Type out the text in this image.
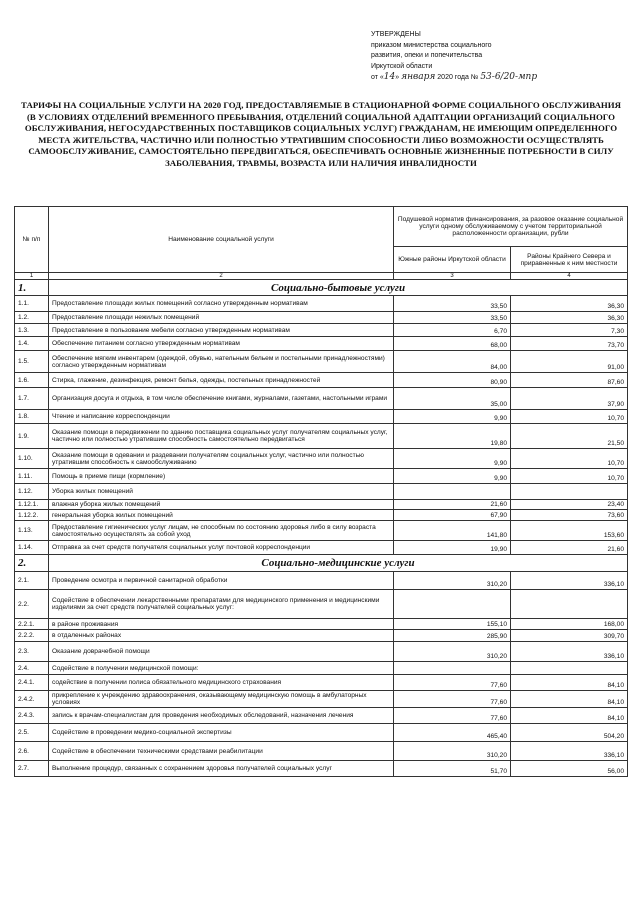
УТВЕРЖДЕНЫ
приказом министерства социального
развития, опеки и попечительства
Иркутской области
от «14» января 2020 года № 53-6/20-мпр
ТАРИФЫ НА СОЦИАЛЬНЫЕ УСЛУГИ НА 2020 ГОД, ПРЕДОСТАВЛЯЕМЫЕ В СТАЦИОНАРНОЙ ФОРМЕ СОЦИАЛЬНОГО ОБСЛУЖИВАНИЯ (В УСЛОВИЯХ ОТДЕЛЕНИЙ ВРЕМЕННОГО ПРЕБЫВАНИЯ, ОТДЕЛЕНИЙ СОЦИАЛЬНОЙ АДАПТАЦИИ ОРГАНИЗАЦИЙ СОЦИАЛЬНОГО ОБСЛУЖИВАНИЯ, НЕГОСУДАРСТВЕННЫХ ПОСТАВЩИКОВ СОЦИАЛЬНЫХ УСЛУГ) ГРАЖДАНАМ, НЕ ИМЕЮЩИМ ОПРЕДЕЛЕННОГО МЕСТА ЖИТЕЛЬСТВА, ЧАСТИЧНО ИЛИ ПОЛНОСТЬЮ УТРАТИВШИМ СПОСОБНОСТИ ЛИБО ВОЗМОЖНОСТИ ОСУЩЕСТВЛЯТЬ САМООБСЛУЖИВАНИЕ, САМОСТОЯТЕЛЬНО ПЕРЕДВИГАТЬСЯ, ОБЕСПЕЧИВАТЬ ОСНОВНЫЕ ЖИЗНЕННЫЕ ПОТРЕБНОСТИ В СИЛУ ЗАБОЛЕВАНИЯ, ТРАВМЫ, ВОЗРАСТА ИЛИ НАЛИЧИЯ ИНВАЛИДНОСТИ
№ п/п	Наименование социальной услуги	Подушевой норматив финансирования, за разовое оказание социальной услуги одному обслуживаемому с учетом территориальной расположенности организации, рубли	
		Южные районы Иркутской области	Районы Крайнего Севера и приравненные к ним местности
1	2	3	4
1.	Социально-бытовые услуги		
1.1.	Предоставление площади жилых помещений согласно утвержденным нормативам	33,50	36,30
1.2.	Предоставление площади нежилых помещений	33,50	36,30
1.3.	Предоставление в пользование мебели согласно утвержденным нормативам	6,70	7,30
1.4.	Обеспечение питанием согласно утвержденным нормативам	68,00	73,70
1.5.	Обеспечение мягким инвентарем (одеждой, обувью, нательным бельем и постельными принадлежностями) согласно утвержденным нормативам	84,00	91,00
1.6.	Стирка, глажение, дезинфекция, ремонт белья, одежды, постельных принадлежностей	80,90	87,60
1.7.	Организация досуга и отдыха, в том числе обеспечение книгами, журналами, газетами, настольными играми	35,00	37,90
1.8.	Чтение и написание корреспонденции	9,90	10,70
1.9.	Оказание помощи в передвижении по зданию поставщика социальных услуг получателям социальных услуг, частично или полностью утратившим способность самостоятельно передвигаться	19,80	21,50
1.10.	Оказание помощи в одевании и раздевании получателям социальных услуг, частично или полностью утратившим способность к самообслуживанию	9,90	10,70
1.11.	Помощь в приеме пищи (кормление)	9,90	10,70
1.12.	Уборка жилых помещений		
1.12.1.	влажная уборка жилых помещений	21,60	23,40
1.12.2.	генеральная уборка жилых помещений	67,90	73,60
1.13.	Предоставление гигиенических услуг лицам, не способным по состоянию здоровья либо в силу возраста самостоятельно осуществлять за собой уход	141,80	153,60
1.14.	Отправка за счет средств получателя социальных услуг почтовой корреспонденции	19,90	21,60
2.	Социально-медицинские услуги		
2.1.	Проведение осмотра и первичной санитарной обработки	310,20	336,10
2.2.	Содействие в обеспечении лекарственными препаратами для медицинского применения и медицинскими изделиями за счет средств получателей социальных услуг:		
2.2.1.	в районе проживания	155,10	168,00
2.2.2.	в отдаленных районах	285,90	309,70
2.3.	Оказание доврачебной помощи	310,20	336,10
2.4.	Содействие в получении медицинской помощи:		
2.4.1.	содействие в получении полиса обязательного медицинского страхования	77,60	84,10
2.4.2.	прикрепление к учреждению здравоохранения, оказывающему медицинскую помощь в амбулаторных условиях	77,60	84,10
2.4.3.	запись к врачам-специалистам для проведения необходимых обследований, назначения лечения	77,60	84,10
2.5.	Содействие в проведении медико-социальной экспертизы	465,40	504,20
2.6.	Содействие в обеспечении техническими средствами реабилитации	310,20	336,10
2.7.	Выполнение процедур, связанных с сохранением здоровья получателей социальных услуг	51,70	56,00
